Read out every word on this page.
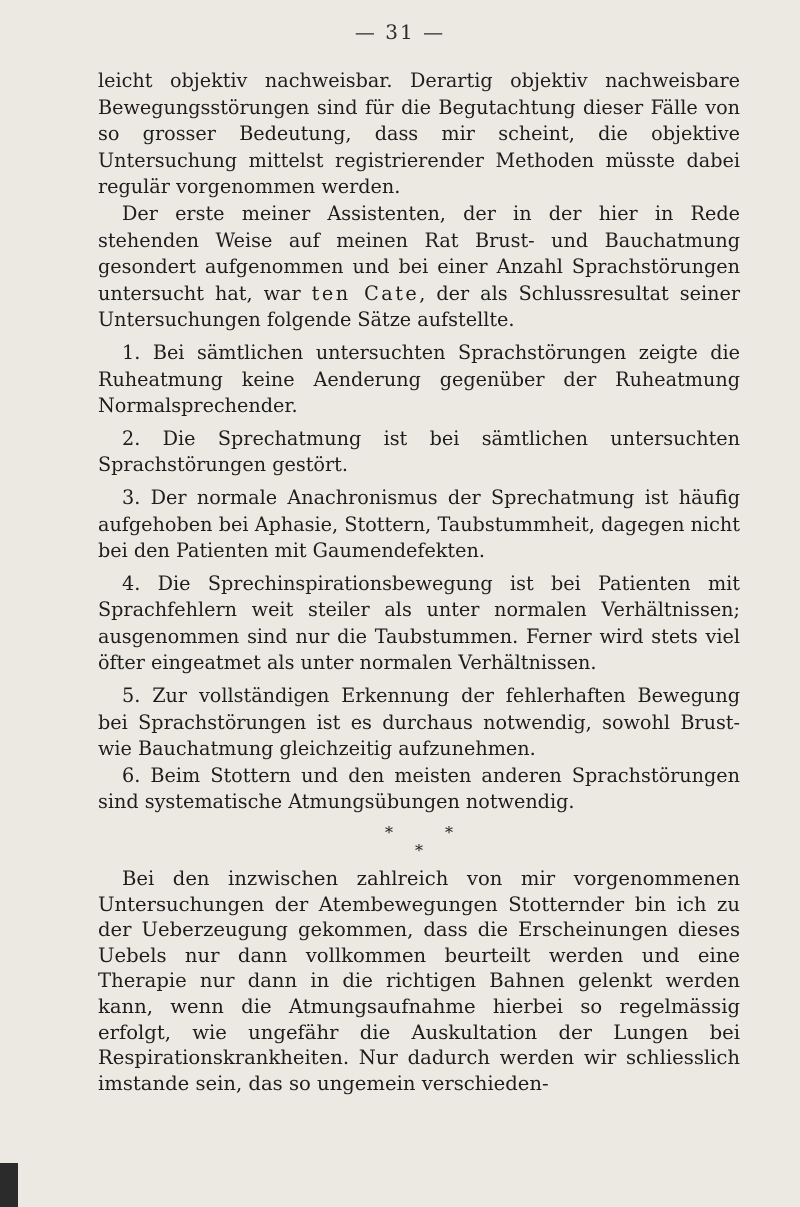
— 31 —

leicht objektiv nachweisbar. Derartig objektiv nachweisbare Bewegungsstörungen sind für die Begutachtung dieser Fälle von so grosser Bedeutung, dass mir scheint, die objektive Untersuchung mittelst registrierender Methoden müsste dabei regulär vorgenommen werden.

Der erste meiner Assistenten, der in der hier in Rede stehenden Weise auf meinen Rat Brust- und Bauchatmung gesondert aufgenommen und bei einer Anzahl Sprachstörungen untersucht hat, war ten Cate, der als Schlussresultat seiner Untersuchungen folgende Sätze aufstellte.

1. Bei sämtlichen untersuchten Sprachstörungen zeigte die Ruheatmung keine Aenderung gegenüber der Ruheatmung Normalsprechender.

2. Die Sprechatmung ist bei sämtlichen untersuchten Sprachstörungen gestört.

3. Der normale Anachronismus der Sprechatmung ist häufig aufgehoben bei Aphasie, Stottern, Taubstummheit, dagegen nicht bei den Patienten mit Gaumendefekten.

4. Die Sprechinspirationsbewegung ist bei Patienten mit Sprachfehlern weit steiler als unter normalen Verhältnissen; ausgenommen sind nur die Taubstummen. Ferner wird stets viel öfter eingeatmet als unter normalen Verhältnissen.

5. Zur vollständigen Erkennung der fehlerhaften Bewegung bei Sprachstörungen ist es durchaus notwendig, sowohl Brust- wie Bauchatmung gleichzeitig aufzunehmen.

6. Beim Stottern und den meisten anderen Sprachstörungen sind systematische Atmungsübungen notwendig.

*	*
*

Bei den inzwischen zahlreich von mir vorgenommenen Untersuchungen der Atembewegungen Stotternder bin ich zu der Ueberzeugung gekommen, dass die Erscheinungen dieses Uebels nur dann vollkommen beurteilt werden und eine Therapie nur dann in die richtigen Bahnen gelenkt werden kann, wenn die Atmungsaufnahme hierbei so regelmässig erfolgt, wie ungefähr die Auskultation der Lungen bei Respirationskrankheiten. Nur dadurch werden wir schliesslich imstande sein, das so ungemein verschieden-
